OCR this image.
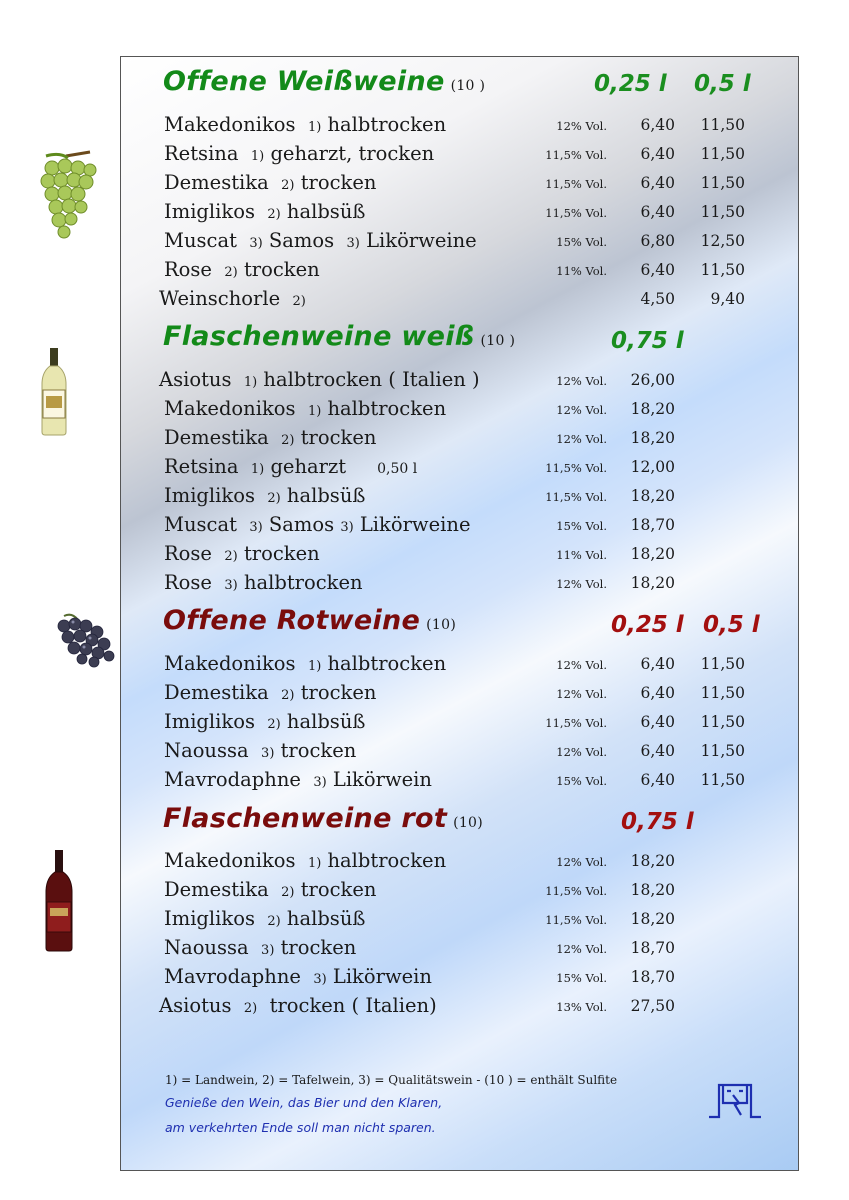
Offene Weißweine (10 )	0,25 l 0,5 l
Makedonikos 1) halbtrocken	12% Vol.	6,40	11,50
Retsina 1) geharzt, trocken	11,5% Vol.	6,40	11,50
Demestika 2) trocken	11,5% Vol.	6,40	11,50
Imiglikos 2) halbsüß	11,5% Vol.	6,40	11,50
Muscat 3) Samos 3) Likörweine	15% Vol.	6,80	12,50
Rose 2) trocken	11% Vol.	6,40	11,50
Weinschorle 2)	4,50	9,40
Flaschenweine weiß (10 )	0,75 l
Asiotus 1) halbtrocken ( Italien )	12% Vol.	26,00
Makedonikos 1) halbtrocken	12% Vol.	18,20
Demestika 2) trocken	12% Vol.	18,20
Retsina 1) geharzt 0,50 l	11,5% Vol.	12,00
Imiglikos 2) halbsüß	11,5% Vol.	18,20
Muscat 3) Samos 3) Likörweine	15% Vol.	18,70
Rose 2) trocken	11% Vol.	18,20
Rose 3) halbtrocken	12% Vol.	18,20
Offene Rotweine (10)	0,25 l 0,5 l
Makedonikos 1) halbtrocken	12% Vol.	6,40	11,50
Demestika 2) trocken	12% Vol.	6,40	11,50
Imiglikos 2) halbsüß	11,5% Vol.	6,40	11,50
Naoussa 3) trocken	12% Vol.	6,40	11,50
Mavrodaphne 3) Likörwein	15% Vol.	6,40	11,50
Flaschenweine rot (10)	0,75 l
Makedonikos 1) halbtrocken	12% Vol.	18,20
Demestika 2) trocken	11,5% Vol.	18,20
Imiglikos 2) halbsüß	11,5% Vol.	18,20
Naoussa 3) trocken	12% Vol.	18,70
Mavrodaphne 3) Likörwein	15% Vol.	18,70
Asiotus 2) trocken ( Italien)	13% Vol.	27,50
1) = Landwein, 2) = Tafelwein, 3) = Qualitätswein - (10 ) = enthält Sulfite
Genieße den Wein, das Bier und den Klaren,
am verkehrten Ende soll man nicht sparen.
